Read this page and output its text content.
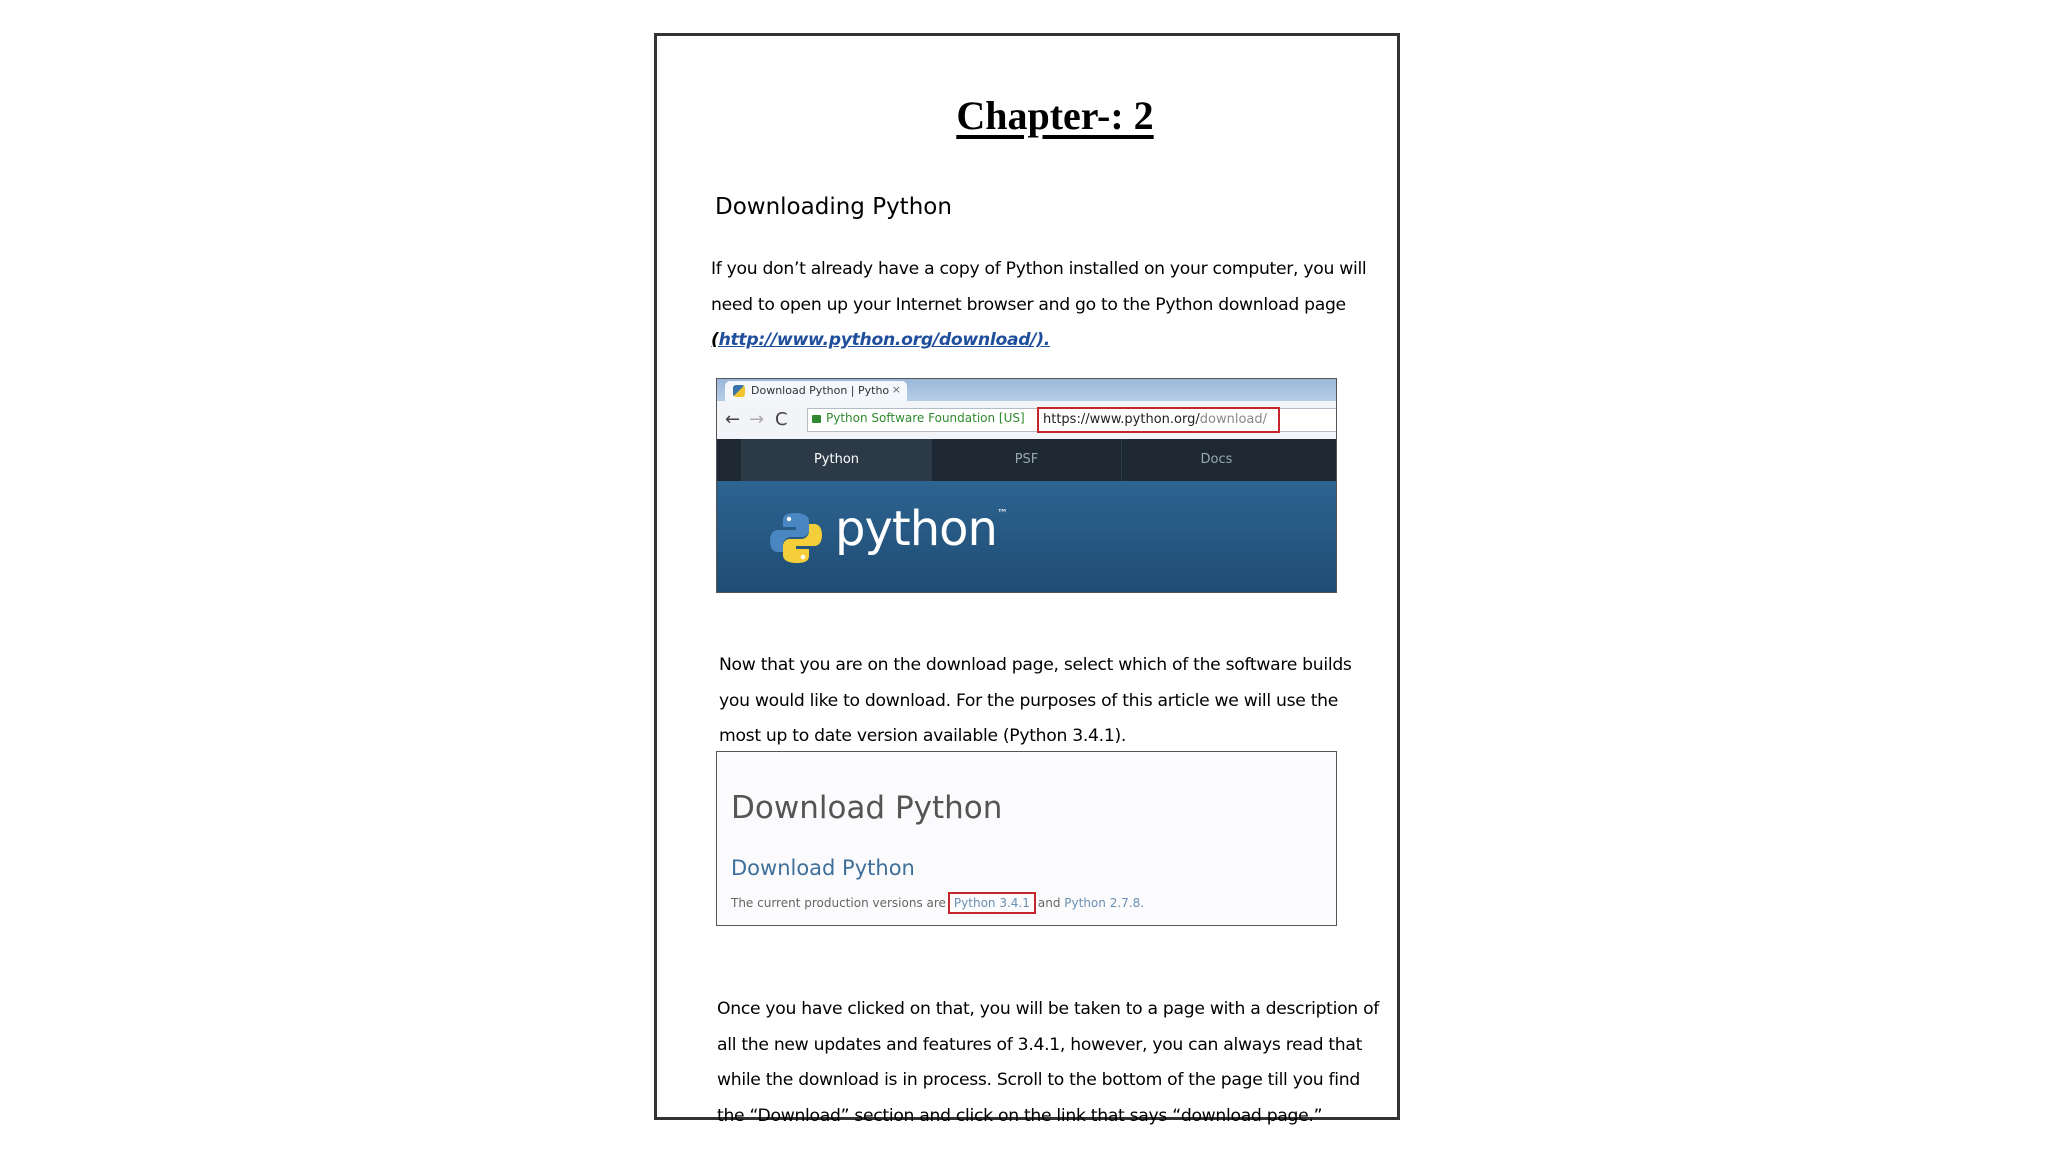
Chapter-: 2
Downloading Python
If you don’t already have a copy of Python installed on your computer, you will
need to open up your Internet browser and go to the Python download page
(http://www.python.org/download/).
Download Python | Pytho ×
← → C	Python Software Foundation [US]	https://www.python.org/download/
Python	PSF	Docs
python™
Now that you are on the download page, select which of the software builds
you would like to download. For the purposes of this article we will use the
most up to date version available (Python 3.4.1).
Download Python
Download Python
The current production versions are Python 3.4.1 and Python 2.7.8.
Once you have clicked on that, you will be taken to a page with a description of
all the new updates and features of 3.4.1, however, you can always read that
while the download is in process. Scroll to the bottom of the page till you find
the “Download” section and click on the link that says “download page.”
